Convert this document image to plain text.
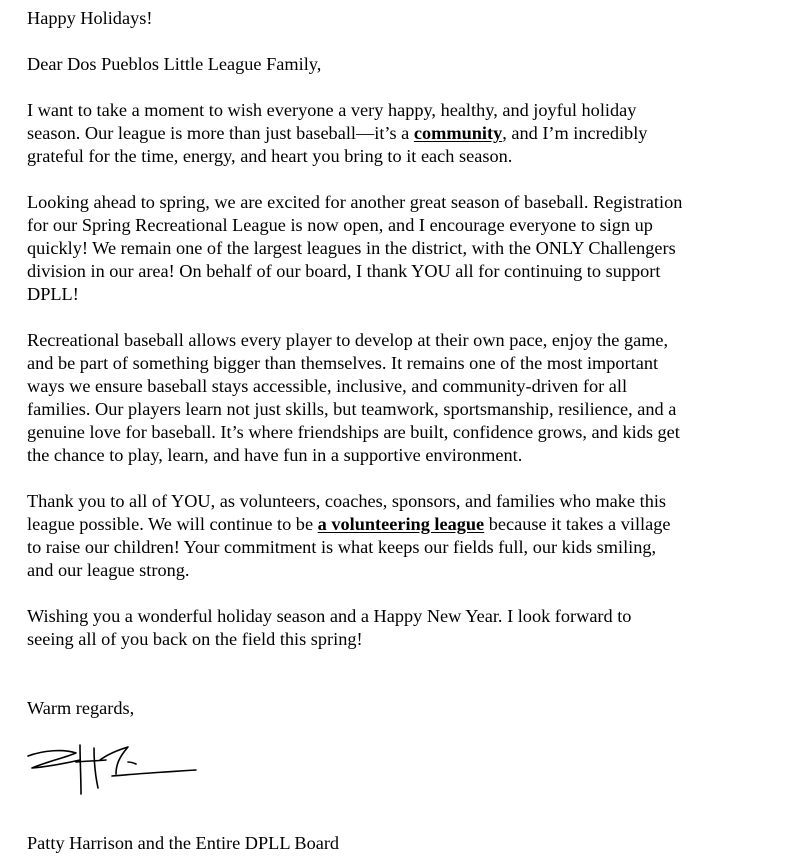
Happy Holidays!

Dear Dos Pueblos Little League Family,

I want to take a moment to wish everyone a very happy, healthy, and joyful holiday

season. Our league is more than just baseball—it’s a community, and I’m incredibly

grateful for the time, energy, and heart you bring to it each season.

Looking ahead to spring, we are excited for another great season of baseball. Registration

for our Spring Recreational League is now open, and I encourage everyone to sign up

quickly! We remain one of the largest leagues in the district, with the ONLY Challengers

division in our area! On behalf of our board, I thank YOU all for continuing to support

DPLL!

Recreational baseball allows every player to develop at their own pace, enjoy the game,

and be part of something bigger than themselves. It remains one of the most important

ways we ensure baseball stays accessible, inclusive, and community-driven for all

families. Our players learn not just skills, but teamwork, sportsmanship, resilience, and a

genuine love for baseball. It’s where friendships are built, confidence grows, and kids get

the chance to play, learn, and have fun in a supportive environment.

Thank you to all of YOU, as volunteers, coaches, sponsors, and families who make this

league possible. We will continue to be a volunteering league because it takes a village

to raise our children! Your commitment is what keeps our fields full, our kids smiling,

and our league strong.

Wishing you a wonderful holiday season and a Happy New Year. I look forward to

seeing all of you back on the field this spring!

Warm regards,

Patty Harrison and the Entire DPLL Board
